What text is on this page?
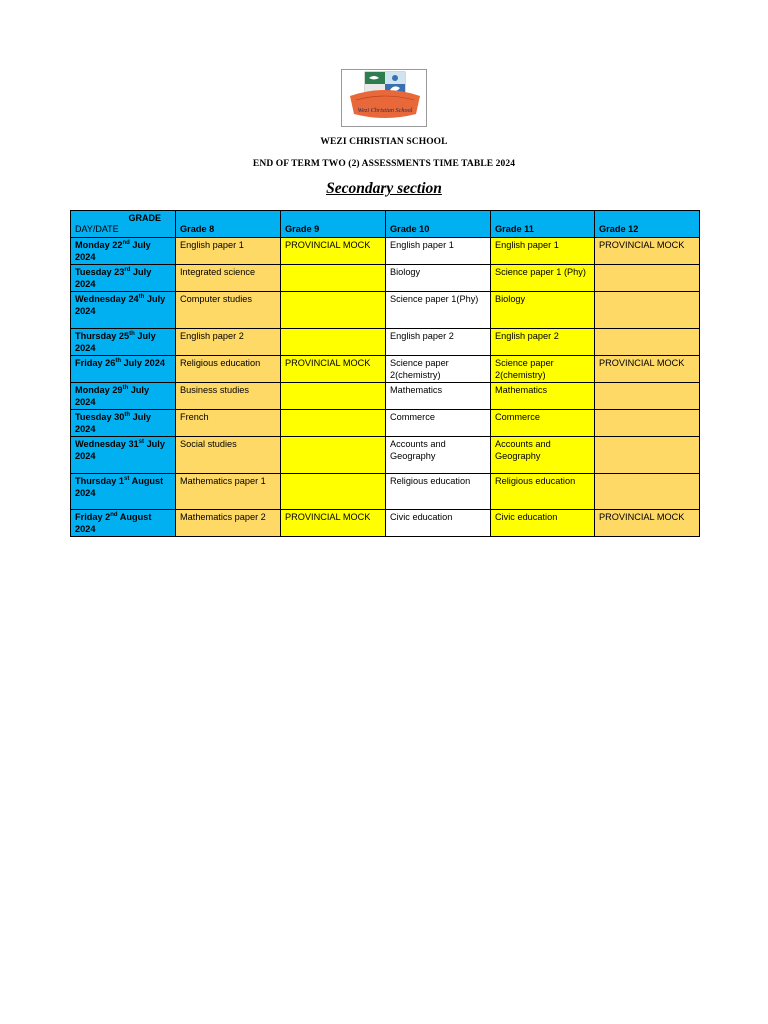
Wezi Christian School
WEZI CHRISTIAN SCHOOL
END OF TERM TWO (2) ASSESSMENTS TIME TABLE 2024
Secondary section
GRADE ->
DAY/DATE	Grade 8	Grade 9	Grade 10	Grade 11	Grade 12
Monday 22nd July 2024	English paper 1	PROVINCIAL MOCK	English paper 1	English paper 1	PROVINCIAL MOCK
Tuesday 23rd July 2024	Integrated science		Biology	Science paper 1 (Phy)	
Wednesday 24th July 2024	Computer studies		Science paper 1(Phy)	Biology	
Thursday 25th July 2024	English paper 2		English paper 2	English paper 2	
Friday 26th July 2024	Religious education	PROVINCIAL MOCK	Science paper 2(chemistry)	Science paper 2(chemistry)	PROVINCIAL MOCK
Monday 29th July 2024	Business studies		Mathematics	Mathematics	
Tuesday 30th July 2024	French		Commerce	Commerce	
Wednesday 31st July 2024	Social studies		Accounts and Geography	Accounts and Geography	
Thursday 1st August 2024	Mathematics paper 1		Religious education	Religious education	
Friday 2nd August 2024	Mathematics paper 2	PROVINCIAL MOCK	Civic education	Civic education	PROVINCIAL MOCK
